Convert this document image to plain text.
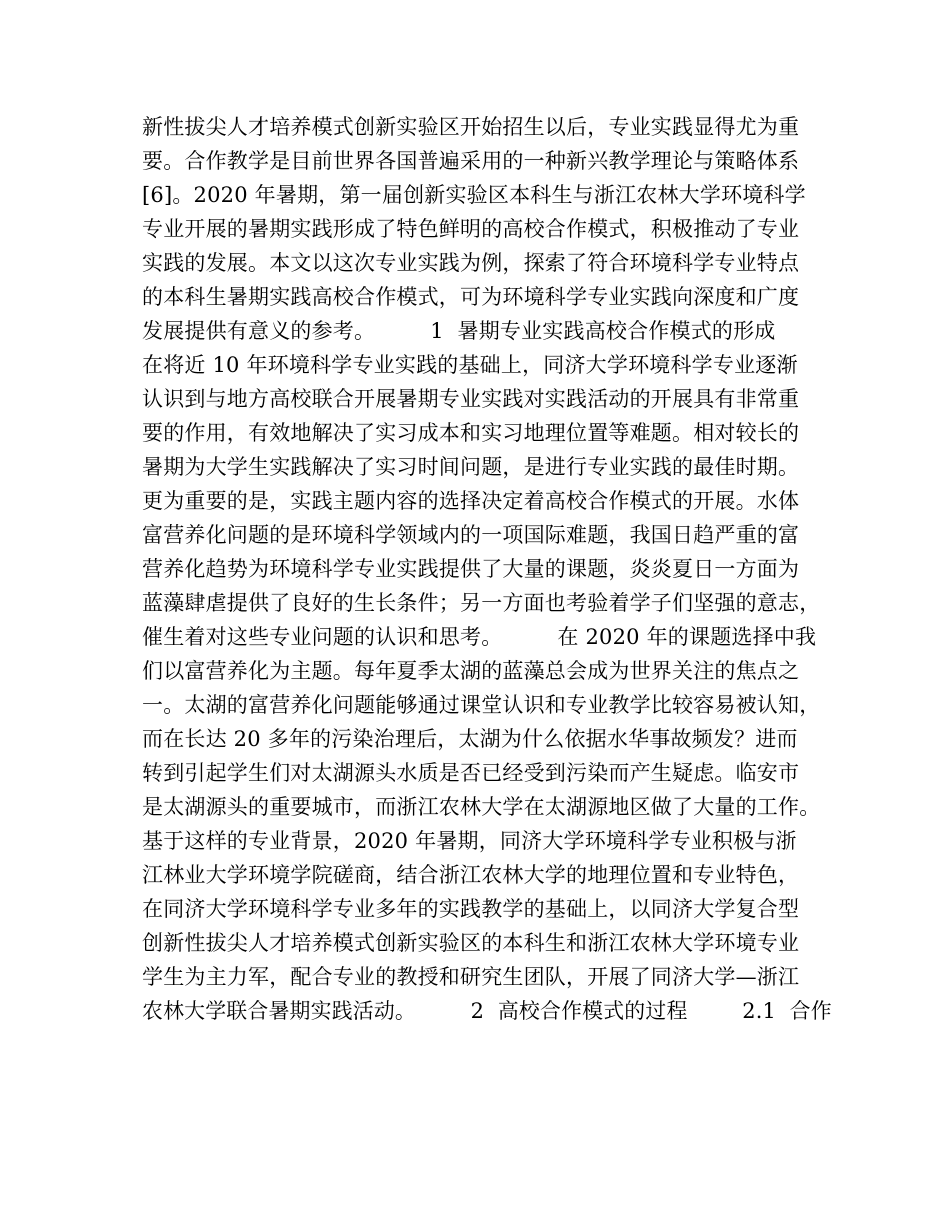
新性拔尖人才培养模式创新实验区开始招生以后，专业实践显得尤为重
要。合作教学是目前世界各国普遍采用的一种新兴教学理论与策略体系
[6]。2020 年暑期，第一届创新实验区本科生与浙江农林大学环境科学
专业开展的暑期实践形成了特色鲜明的高校合作模式，积极推动了专业
实践的发展。本文以这次专业实践为例，探索了符合环境科学专业特点
的本科生暑期实践高校合作模式，可为环境科学专业实践向深度和广度
发展提供有意义的参考。        1  暑期专业实践高校合作模式的形成
在将近 10 年环境科学专业实践的基础上，同济大学环境科学专业逐渐
认识到与地方高校联合开展暑期专业实践对实践活动的开展具有非常重
要的作用，有效地解决了实习成本和实习地理位置等难题。相对较长的
暑期为大学生实践解决了实习时间问题，是进行专业实践的最佳时期。
更为重要的是，实践主题内容的选择决定着高校合作模式的开展。水体
富营养化问题的是环境科学领域内的一项国际难题，我国日趋严重的富
营养化趋势为环境科学专业实践提供了大量的课题，炎炎夏日一方面为
蓝藻肆虐提供了良好的生长条件；另一方面也考验着学子们坚强的意志，
催生着对这些专业问题的认识和思考。        在 2020 年的课题选择中我
们以富营养化为主题。每年夏季太湖的蓝藻总会成为世界关注的焦点之
一。太湖的富营养化问题能够通过课堂认识和专业教学比较容易被认知，
而在长达 20 多年的污染治理后，太湖为什么依据水华事故频发？进而
转到引起学生们对太湖源头水质是否已经受到污染而产生疑虑。临安市
是太湖源头的重要城市，而浙江农林大学在太湖源地区做了大量的工作。
基于这样的专业背景，2020 年暑期，同济大学环境科学专业积极与浙
江林业大学环境学院磋商，结合浙江农林大学的地理位置和专业特色，
在同济大学环境科学专业多年的实践教学的基础上，以同济大学复合型
创新性拔尖人才培养模式创新实验区的本科生和浙江农林大学环境专业
学生为主力军，配合专业的教授和研究生团队，开展了同济大学—浙江
农林大学联合暑期实践活动。        2  高校合作模式的过程        2.1  合作
